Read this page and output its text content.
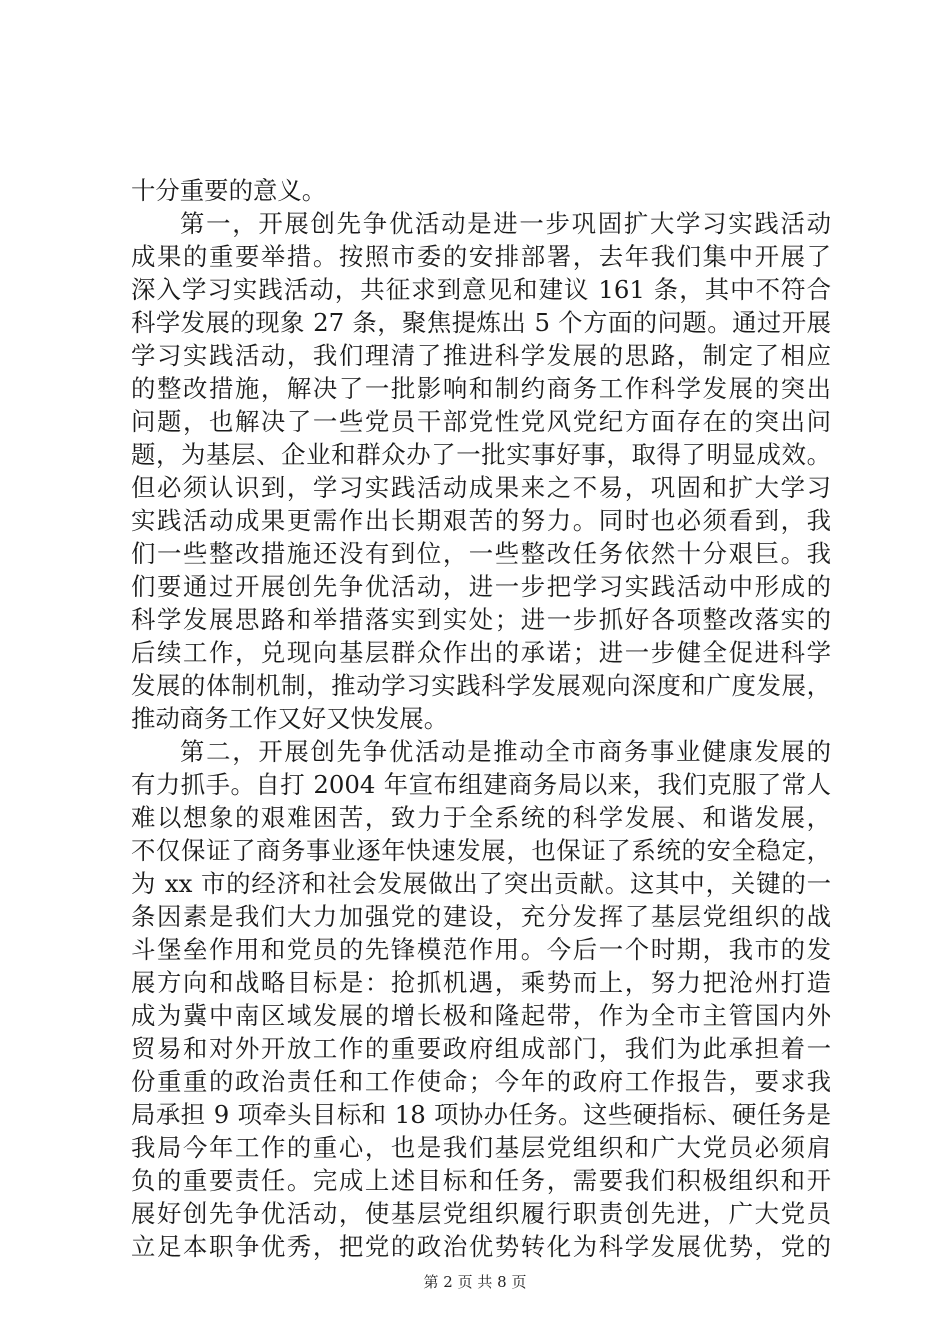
十分重要的意义。
第一，开展创先争优活动是进一步巩固扩大学习实践活动
成果的重要举措。按照市委的安排部署，去年我们集中开展了
深入学习实践活动，共征求到意见和建议 161 条，其中不符合
科学发展的现象 27 条，聚焦提炼出 5 个方面的问题。通过开展
学习实践活动，我们理清了推进科学发展的思路，制定了相应
的整改措施，解决了一批影响和制约商务工作科学发展的突出
问题，也解决了一些党员干部党性党风党纪方面存在的突出问
题，为基层、企业和群众办了一批实事好事，取得了明显成效。
但必须认识到，学习实践活动成果来之不易，巩固和扩大学习
实践活动成果更需作出长期艰苦的努力。同时也必须看到，我
们一些整改措施还没有到位，一些整改任务依然十分艰巨。我
们要通过开展创先争优活动，进一步把学习实践活动中形成的
科学发展思路和举措落实到实处；进一步抓好各项整改落实的
后续工作，兑现向基层群众作出的承诺；进一步健全促进科学
发展的体制机制，推动学习实践科学发展观向深度和广度发展，
推动商务工作又好又快发展。
第二，开展创先争优活动是推动全市商务事业健康发展的
有力抓手。自打 2004 年宣布组建商务局以来，我们克服了常人
难以想象的艰难困苦，致力于全系统的科学发展、和谐发展，
不仅保证了商务事业逐年快速发展，也保证了系统的安全稳定，
为 xx 市的经济和社会发展做出了突出贡献。这其中，关键的一
条因素是我们大力加强党的建设，充分发挥了基层党组织的战
斗堡垒作用和党员的先锋模范作用。今后一个时期，我市的发
展方向和战略目标是：抢抓机遇，乘势而上，努力把沧州打造
成为冀中南区域发展的增长极和隆起带，作为全市主管国内外
贸易和对外开放工作的重要政府组成部门，我们为此承担着一
份重重的政治责任和工作使命；今年的政府工作报告，要求我
局承担 9 项牵头目标和 18 项协办任务。这些硬指标、硬任务是
我局今年工作的重心，也是我们基层党组织和广大党员必须肩
负的重要责任。完成上述目标和任务，需要我们积极组织和开
展好创先争优活动，使基层党组织履行职责创先进，广大党员
立足本职争优秀，把党的政治优势转化为科学发展优势，党的
第 2 页 共 8 页
